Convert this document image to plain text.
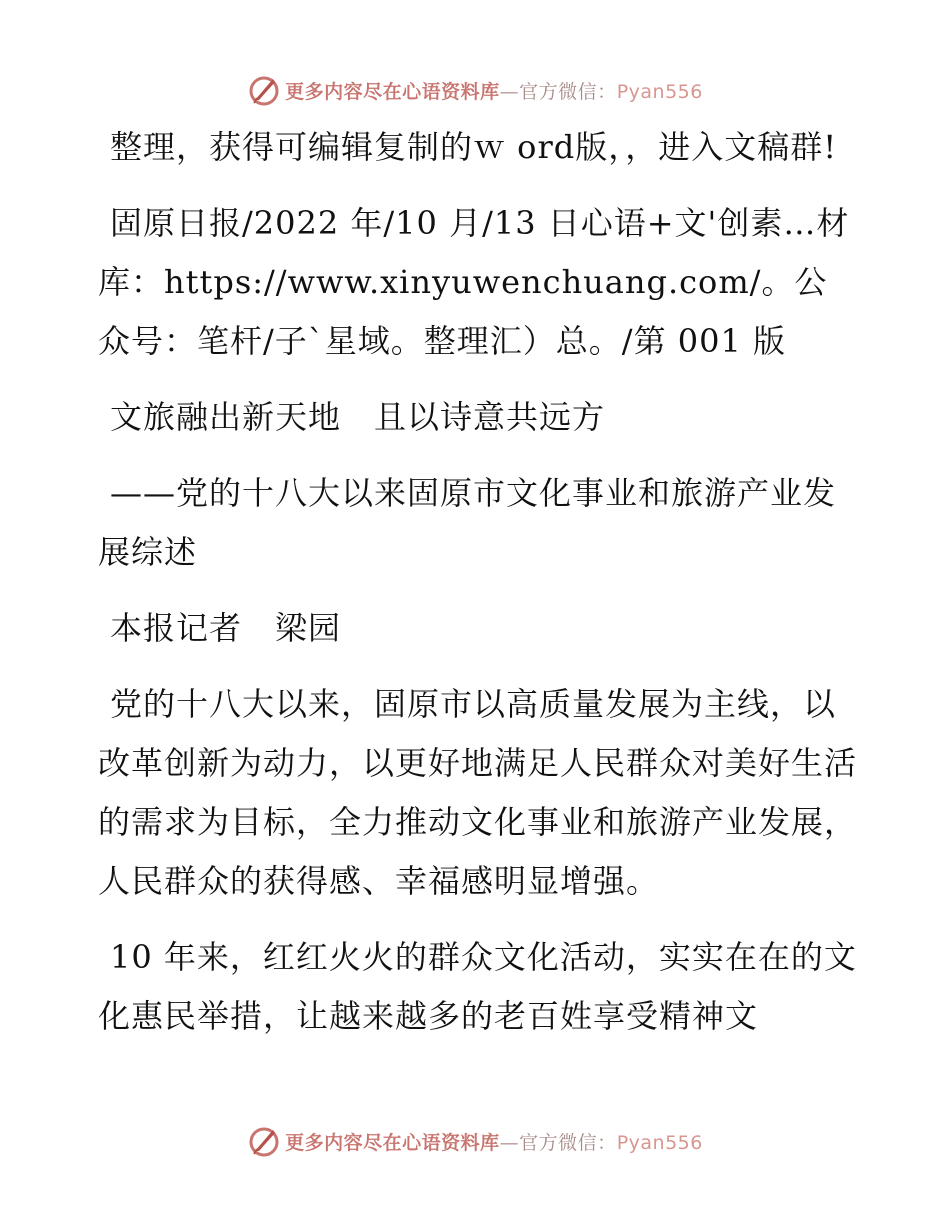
更多内容尽在心语资料库—官方微信：Pyan556

整理，获得可编辑复制的ｗ ord版，，进入文稿群!

固原日报/2022 年/10 月/13 日心语+文'创素…材库：https://www.xinyuwenchuang.com/。公众号：笔杆/子`星域。整理汇）总。/第 001 版

文旅融出新天地　且以诗意共远方

——党的十八大以来固原市文化事业和旅游产业发展综述

本报记者　梁园

党的十八大以来，固原市以高质量发展为主线，以改革创新为动力，以更好地满足人民群众对美好生活的需求为目标，全力推动文化事业和旅游产业发展，人民群众的获得感、幸福感明显增强。

10 年来，红红火火的群众文化活动，实实在在的文化惠民举措，让越来越多的老百姓享受精神文

更多内容尽在心语资料库—官方微信：Pyan556
